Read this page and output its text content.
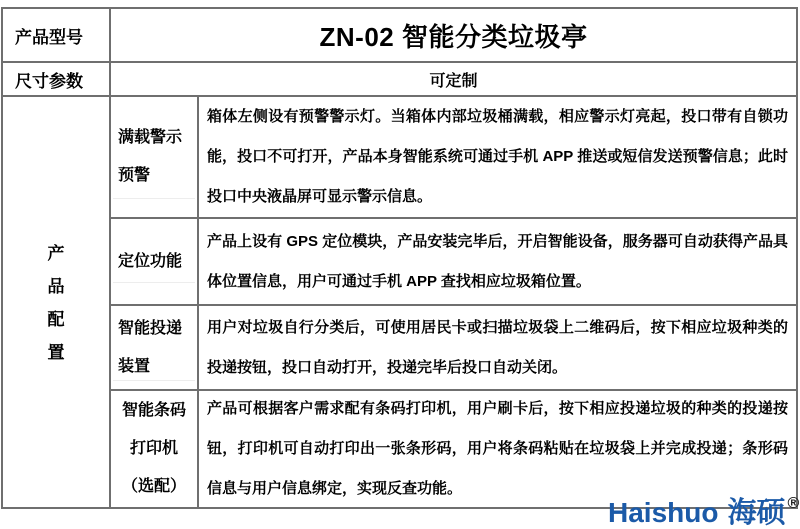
产品型号	ZN-02 智能分类垃圾亭
尺寸参数	可定制
产
品
配
置
满载警示
预警

箱体左侧设有预警警示灯。当箱体内部垃圾桶满载，相应警示灯亮起，投口带有自锁功能，投口不可打开，产品本身智能系统可通过手机 APP 推送或短信发送预警信息；此时投口中央液晶屏可显示警示信息。

定位功能

产品上设有 GPS 定位模块，产品安装完毕后，开启智能设备，服务器可自动获得产品具体位置信息，用户可通过手机 APP 查找相应垃圾箱位置。

智能投递
装置

用户对垃圾自行分类后，可使用居民卡或扫描垃圾袋上二维码后，按下相应垃圾种类的投递按钮，投口自动打开，投递完毕后投口自动关闭。

智能条码
打印机
（选配）

产品可根据客户需求配有条码打印机，用户刷卡后，按下相应投递垃圾的种类的投递按钮，打印机可自动打印出一张条形码，用户将条码粘贴在垃圾袋上并完成投递；条形码信息与用户信息绑定，实现反查功能。

Haishuo 海硕 ®
